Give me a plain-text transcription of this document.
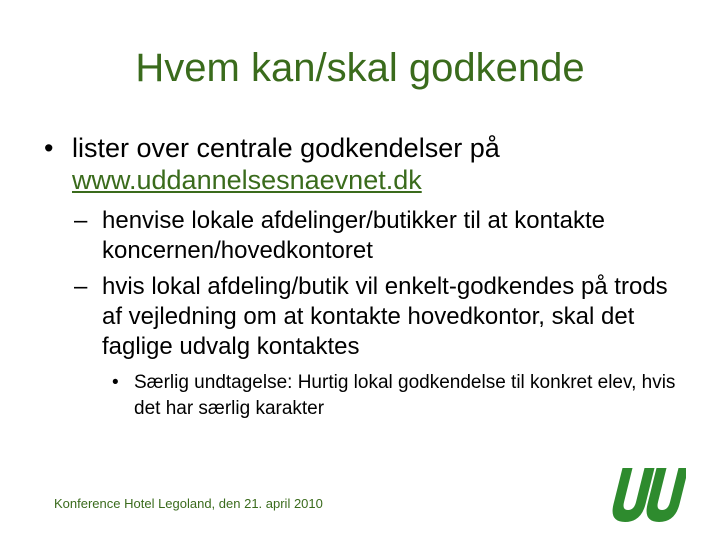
Hvem kan/skal godkende
• lister over centrale godkendelser på
www.uddannelsesnaevnet.dk
– henvise lokale afdelinger/butikker til at kontakte koncernen/hovedkontoret
– hvis lokal afdeling/butik vil enkelt-godkendes på trods af vejledning om at kontakte hovedkontor, skal det faglige udvalg kontaktes
• Særlig undtagelse: Hurtig lokal godkendelse til konkret elev, hvis det har særlig karakter
Konference Hotel Legoland, den 21. april 2010
